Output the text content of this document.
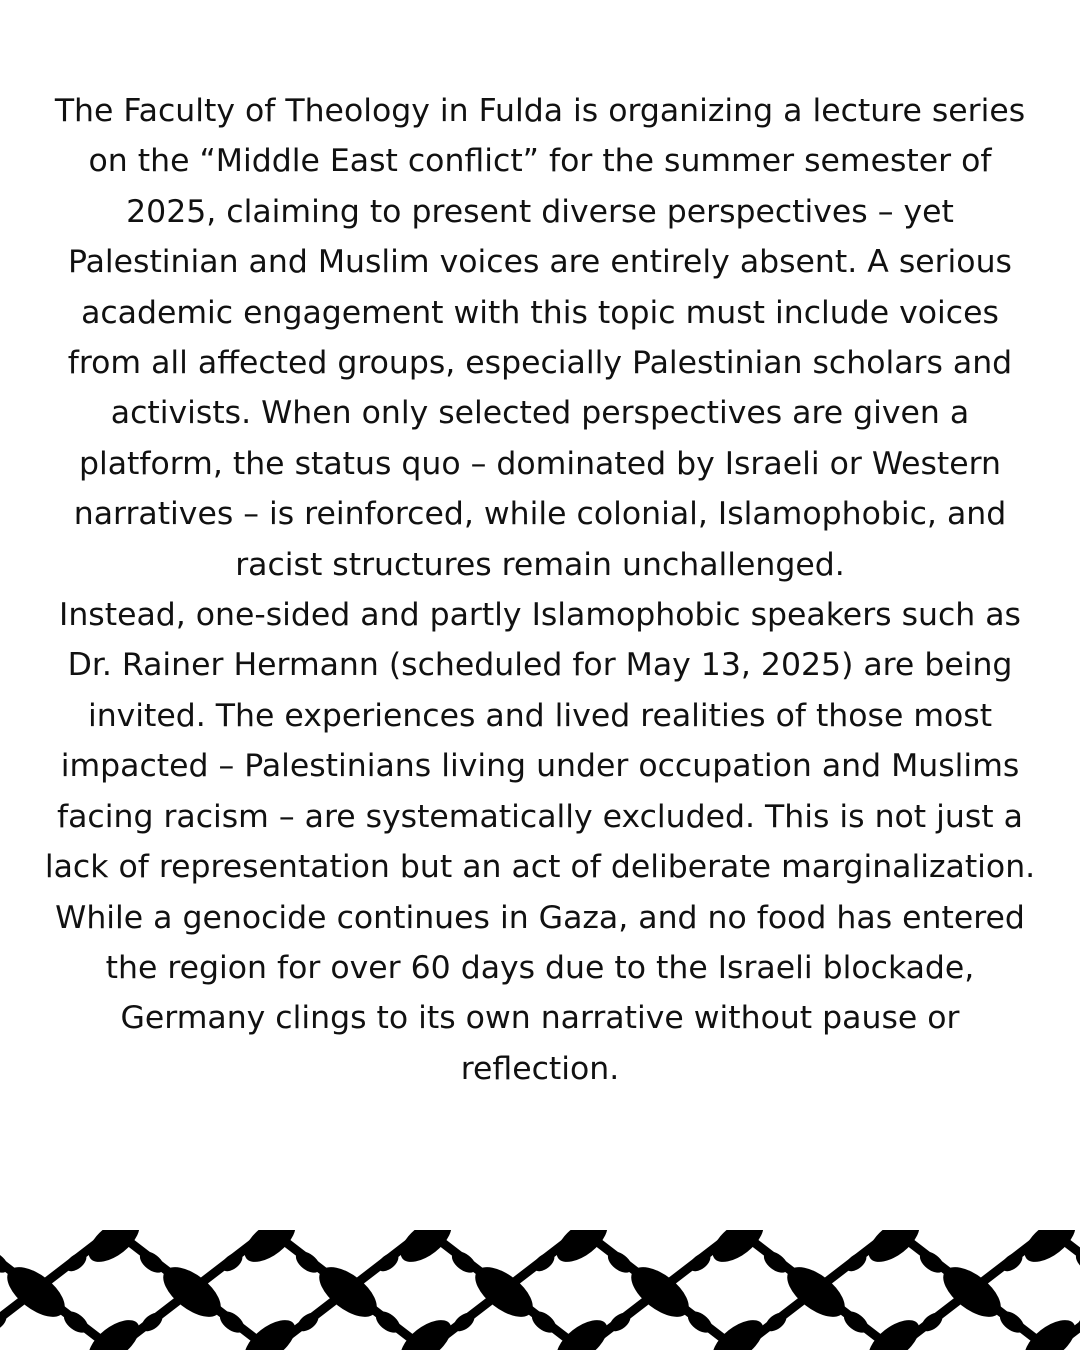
The Faculty of Theology in Fulda is organizing a lecture series on the “Middle East conflict” for the summer semester of 2025, claiming to present diverse perspectives – yet Palestinian and Muslim voices are entirely absent. A serious academic engagement with this topic must include voices from all affected groups, especially Palestinian scholars and activists. When only selected perspectives are given a platform, the status quo – dominated by Israeli or Western narratives – is reinforced, while colonial, Islamophobic, and racist structures remain unchallenged.

Instead, one-sided and partly Islamophobic speakers such as Dr. Rainer Hermann (scheduled for May 13, 2025) are being invited. The experiences and lived realities of those most impacted – Palestinians living under occupation and Muslims facing racism – are systematically excluded. This is not just a lack of representation but an act of deliberate marginalization. While a genocide continues in Gaza, and no food has entered the region for over 60 days due to the Israeli blockade, Germany clings to its own narrative without pause or reflection.
